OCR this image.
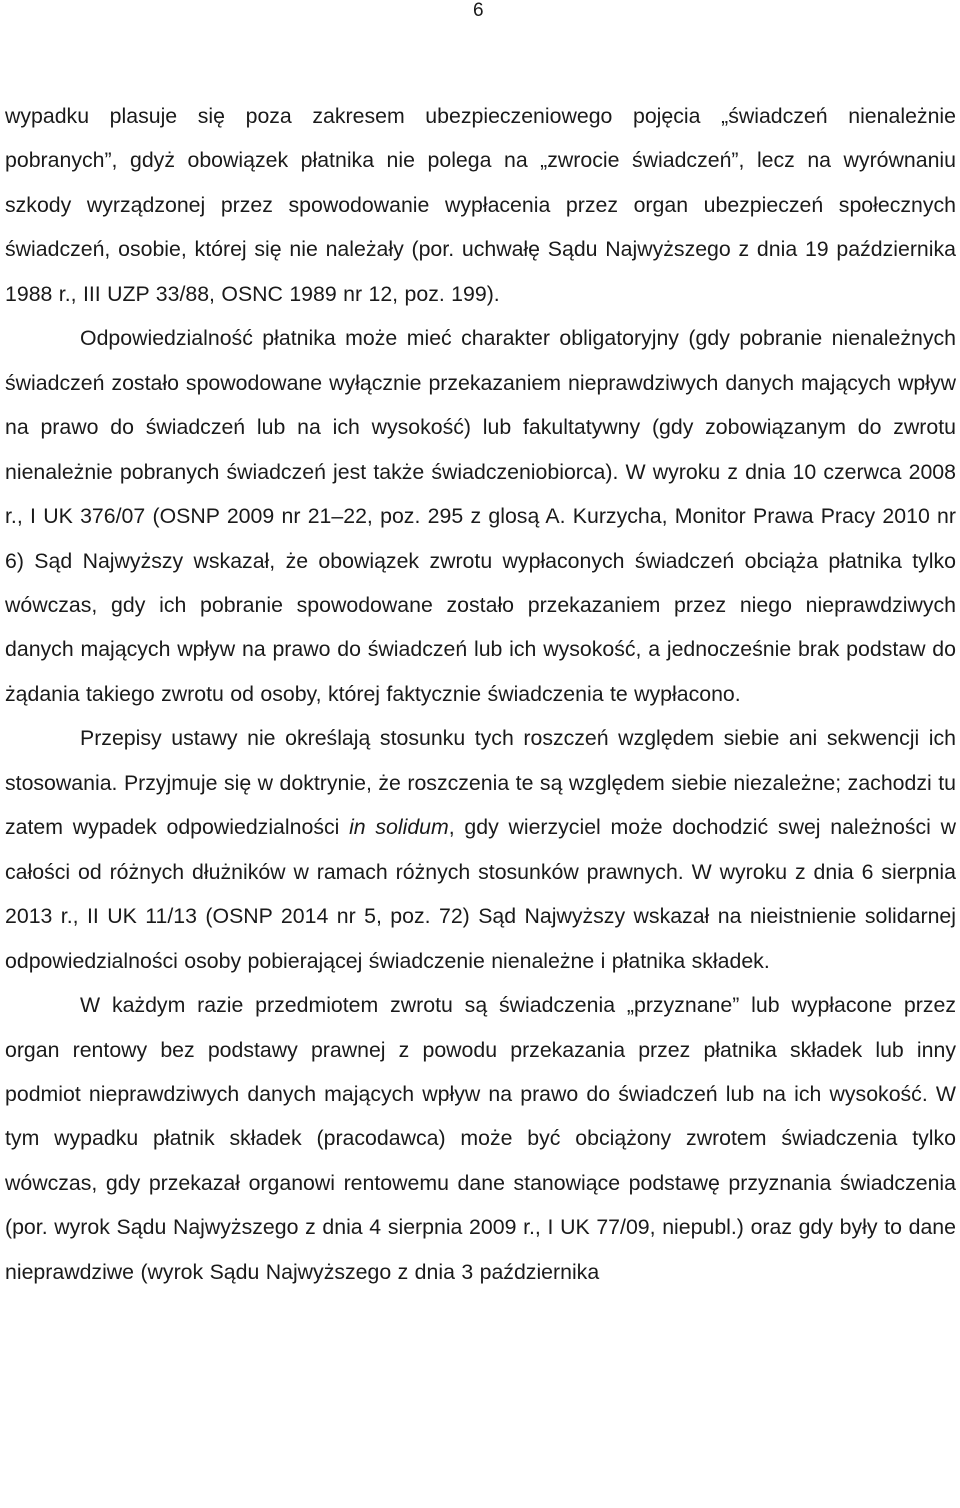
6

wypadku plasuje się poza zakresem ubezpieczeniowego pojęcia „świadczeń nienależnie pobranych”, gdyż obowiązek płatnika nie polega na „zwrocie świadczeń”, lecz na wyrównaniu szkody wyrządzonej przez spowodowanie wypłacenia przez organ ubezpieczeń społecznych świadczeń, osobie, której się nie należały (por. uchwałę Sądu Najwyższego z dnia 19 października 1988 r., III UZP 33/88, OSNC 1989 nr 12, poz. 199).

Odpowiedzialność płatnika może mieć charakter obligatoryjny (gdy pobranie nienależnych świadczeń zostało spowodowane wyłącznie przekazaniem nieprawdziwych danych mających wpływ na prawo do świadczeń lub na ich wysokość) lub fakultatywny (gdy zobowiązanym do zwrotu nienależnie pobranych świadczeń jest także świadczeniobiorca). W wyroku z dnia 10 czerwca 2008 r., I UK 376/07 (OSNP 2009 nr 21–22, poz. 295 z glosą A. Kurzycha, Monitor Prawa Pracy 2010 nr 6) Sąd Najwyższy wskazał, że obowiązek zwrotu wypłaconych świadczeń obciąża płatnika tylko wówczas, gdy ich pobranie spowodowane zostało przekazaniem przez niego nieprawdziwych danych mających wpływ na prawo do świadczeń lub ich wysokość, a jednocześnie brak podstaw do żądania takiego zwrotu od osoby, której faktycznie świadczenia te wypłacono.

Przepisy ustawy nie określają stosunku tych roszczeń względem siebie ani sekwencji ich stosowania. Przyjmuje się w doktrynie, że roszczenia te są względem siebie niezależne; zachodzi tu zatem wypadek odpowiedzialności in solidum, gdy wierzyciel może dochodzić swej należności w całości od różnych dłużników w ramach różnych stosunków prawnych. W wyroku z dnia 6 sierpnia 2013 r., II UK 11/13 (OSNP 2014 nr 5, poz. 72) Sąd Najwyższy wskazał na nieistnienie solidarnej odpowiedzialności osoby pobierającej świadczenie nienależne i płatnika składek.

W każdym razie przedmiotem zwrotu są świadczenia „przyznane” lub wypłacone przez organ rentowy bez podstawy prawnej z powodu przekazania przez płatnika składek lub inny podmiot nieprawdziwych danych mających wpływ na prawo do świadczeń lub na ich wysokość. W tym wypadku płatnik składek (pracodawca) może być obciążony zwrotem świadczenia tylko wówczas, gdy przekazał organowi rentowemu dane stanowiące podstawę przyznania świadczenia (por. wyrok Sądu Najwyższego z dnia 4 sierpnia 2009 r., I UK 77/09, niepubl.) oraz gdy były to dane nieprawdziwe (wyrok Sądu Najwyższego z dnia 3 października
